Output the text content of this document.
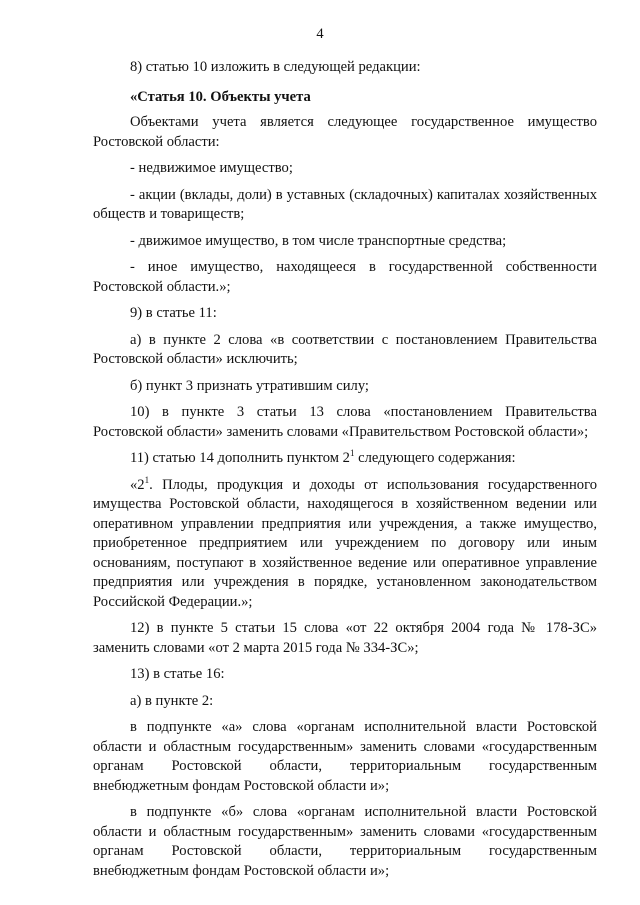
4

8) статью 10 изложить в следующей редакции:

«Статья 10. Объекты учета

Объектами учета является следующее государственное имущество Ростовской области:

- недвижимое имущество;

- акции (вклады, доли) в уставных (складочных) капиталах хозяйственных обществ и товариществ;

- движимое имущество, в том числе транспортные средства;

- иное имущество, находящееся в государственной собственности Ростовской области.»;

9) в статье 11:

а) в пункте 2 слова «в соответствии с постановлением Правительства Ростовской области» исключить;

б) пункт 3 признать утратившим силу;

10) в пункте 3 статьи 13 слова «постановлением Правительства Ростовской области» заменить словами «Правительством Ростовской области»;

11) статью 14 дополнить пунктом $2^1$ следующего содержания:

«$2^1$. Плоды, продукция и доходы от использования государственного имущества Ростовской области, находящегося в хозяйственном ведении или оперативном управлении предприятия или учреждения, а также имущество, приобретенное предприятием или учреждением по договору или иным основаниям, поступают в хозяйственное ведение или оперативное управление предприятия или учреждения в порядке, установленном законодательством Российской Федерации.»;

12) в пункте 5 статьи 15 слова «от 22 октября 2004 года № 178-ЗС» заменить словами «от 2 марта 2015 года № 334-ЗС»;

13) в статье 16:

а) в пункте 2:

в подпункте «а» слова «органам исполнительной власти Ростовской области и областным государственным» заменить словами «государственным органам Ростовской области, территориальным государственным внебюджетным фондам Ростовской области и»;

в подпункте «б» слова «органам исполнительной власти Ростовской области и областным государственным» заменить словами «государственным органам Ростовской области, территориальным государственным внебюджетным фондам Ростовской области и»;
